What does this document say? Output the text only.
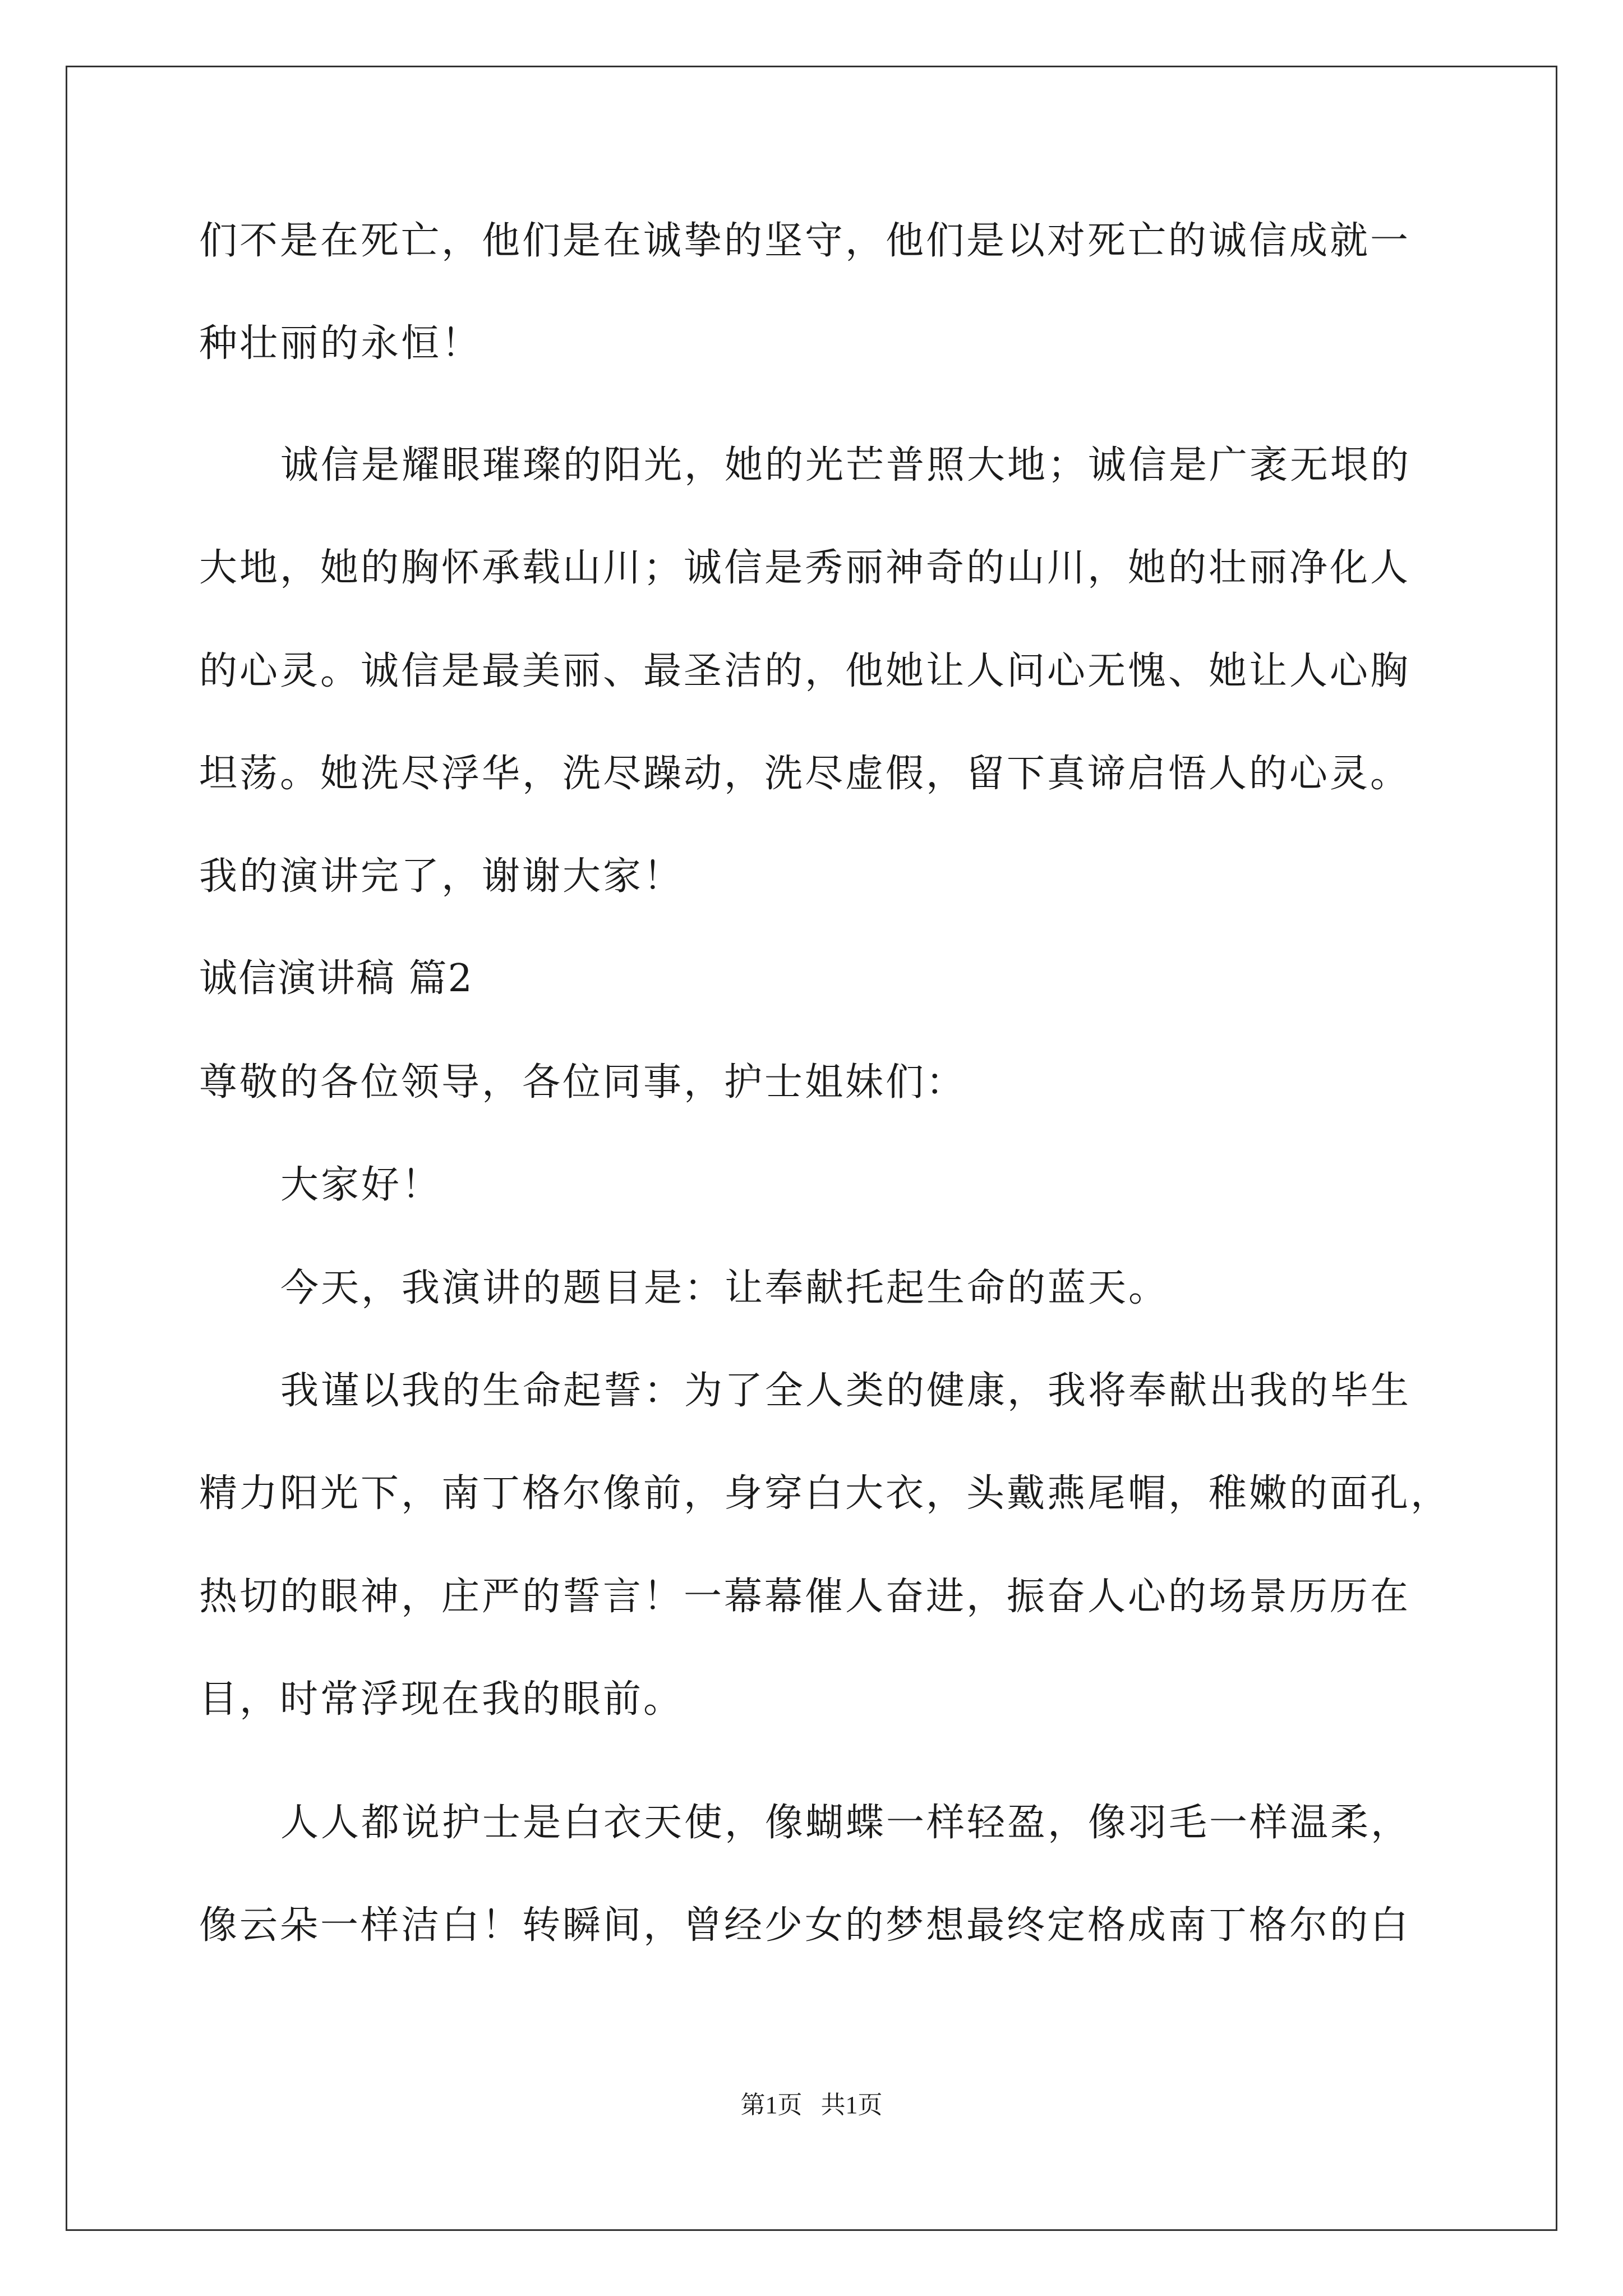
们不是在死亡，他们是在诚挚的坚守，他们是以对死亡的诚信成就一
种壮丽的永恒！
诚信是耀眼璀璨的阳光，她的光芒普照大地；诚信是广袤无垠的
大地，她的胸怀承载山川；诚信是秀丽神奇的山川，她的壮丽净化人
的心灵。诚信是最美丽、最圣洁的，他她让人问心无愧、她让人心胸
坦荡。她洗尽浮华，洗尽躁动，洗尽虚假，留下真谛启悟人的心灵。
我的演讲完了，谢谢大家！
诚信演讲稿 篇2
尊敬的各位领导，各位同事，护士姐妹们：
大家好！
今天，我演讲的题目是：让奉献托起生命的蓝天。
我谨以我的生命起誓：为了全人类的健康，我将奉献出我的毕生
精力阳光下，南丁格尔像前，身穿白大衣，头戴燕尾帽，稚嫩的面孔，
热切的眼神，庄严的誓言！一幕幕催人奋进，振奋人心的场景历历在
目，时常浮现在我的眼前。
人人都说护士是白衣天使，像蝴蝶一样轻盈，像羽毛一样温柔，
像云朵一样洁白！转瞬间，曾经少女的梦想最终定格成南丁格尔的白
第1页   共1页
